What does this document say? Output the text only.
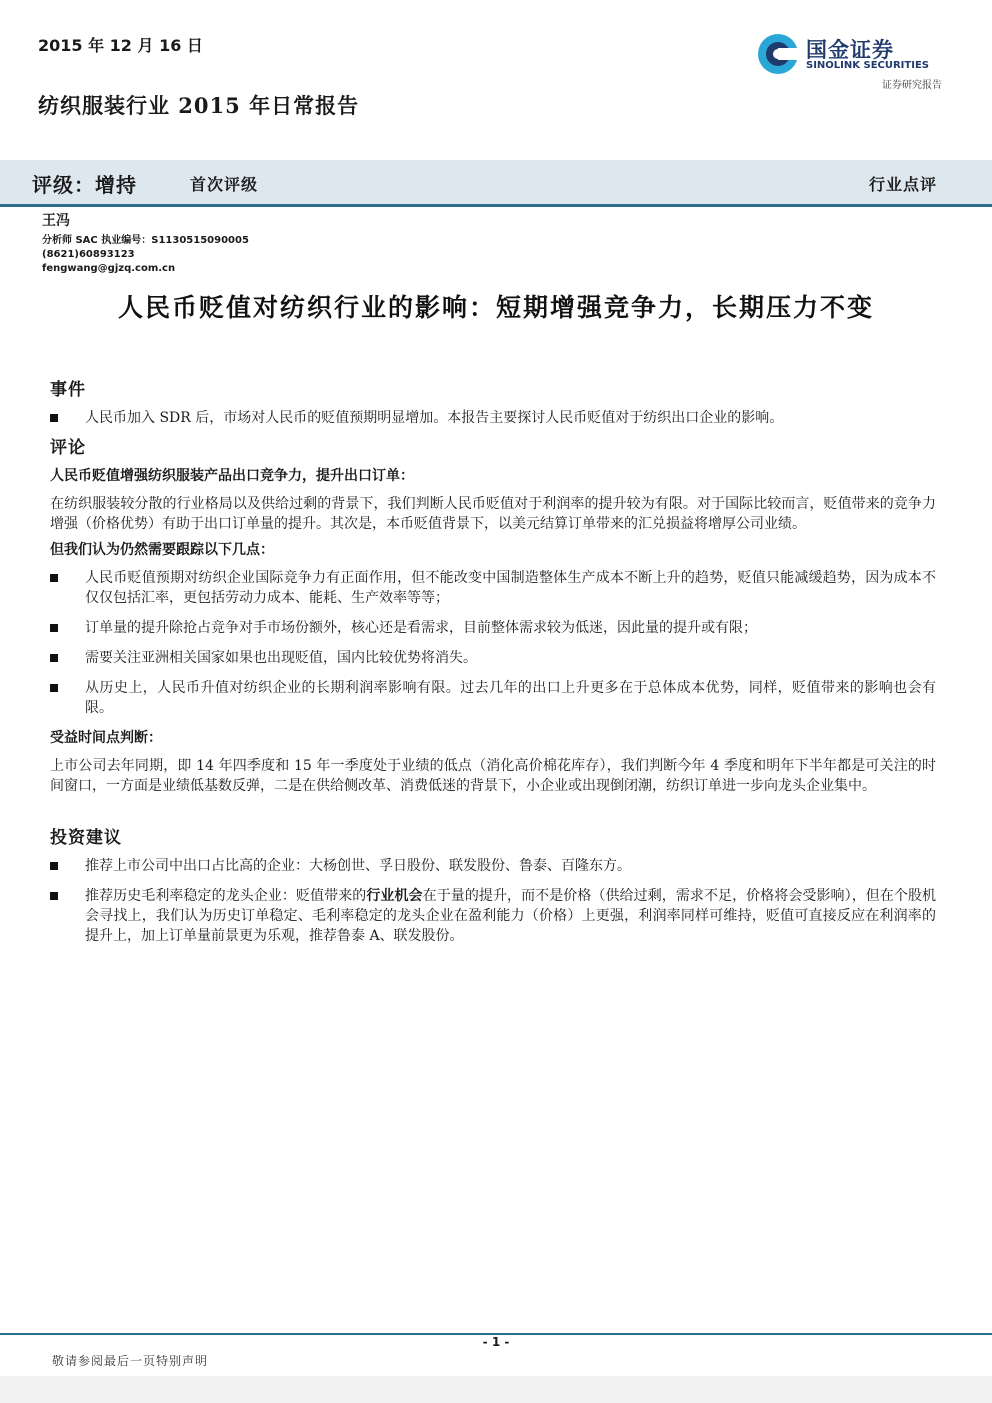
2015 年 12 月 16 日
纺织服装行业 2015 年日常报告
国金证券
SINOLINK SECURITIES
证券研究报告
评级：增持	首次评级	行业点评
王冯
分析师 SAC 执业编号：S1130515090005
(8621)60893123
fengwang@gjzq.com.cn
人民币贬值对纺织行业的影响：短期增强竞争力，长期压力不变
事件
人民币加入 SDR 后，市场对人民币的贬值预期明显增加。本报告主要探讨人民币贬值对于纺织出口企业的影响。
评论
人民币贬值增强纺织服装产品出口竞争力，提升出口订单：
在纺织服装较分散的行业格局以及供给过剩的背景下，我们判断人民币贬值对于利润率的提升较为有限。对于国际比较而言，贬值带来的竞争力增强（价格优势）有助于出口订单量的提升。其次是，本币贬值背景下，以美元结算订单带来的汇兑损益将增厚公司业绩。
但我们认为仍然需要跟踪以下几点：
人民币贬值预期对纺织企业国际竞争力有正面作用，但不能改变中国制造整体生产成本不断上升的趋势，贬值只能减缓趋势，因为成本不仅仅包括汇率，更包括劳动力成本、能耗、生产效率等等；
订单量的提升除抢占竞争对手市场份额外，核心还是看需求，目前整体需求较为低迷，因此量的提升或有限；
需要关注亚洲相关国家如果也出现贬值，国内比较优势将消失。
从历史上，人民币升值对纺织企业的长期利润率影响有限。过去几年的出口上升更多在于总体成本优势，同样，贬值带来的影响也会有限。
受益时间点判断：
上市公司去年同期，即 14 年四季度和 15 年一季度处于业绩的低点（消化高价棉花库存），我们判断今年 4 季度和明年下半年都是可关注的时间窗口，一方面是业绩低基数反弹，二是在供给侧改革、消费低迷的背景下，小企业或出现倒闭潮，纺织订单进一步向龙头企业集中。
投资建议
推荐上市公司中出口占比高的企业：大杨创世、孚日股份、联发股份、鲁泰、百隆东方。
推荐历史毛利率稳定的龙头企业：贬值带来的行业机会在于量的提升，而不是价格（供给过剩，需求不足，价格将会受影响），但在个股机会寻找上，我们认为历史订单稳定、毛利率稳定的龙头企业在盈利能力（价格）上更强，利润率同样可维持，贬值可直接反应在利润率的提升上，加上订单量前景更为乐观，推荐鲁泰 A、联发股份。
- 1 -
敬请参阅最后一页特别声明
